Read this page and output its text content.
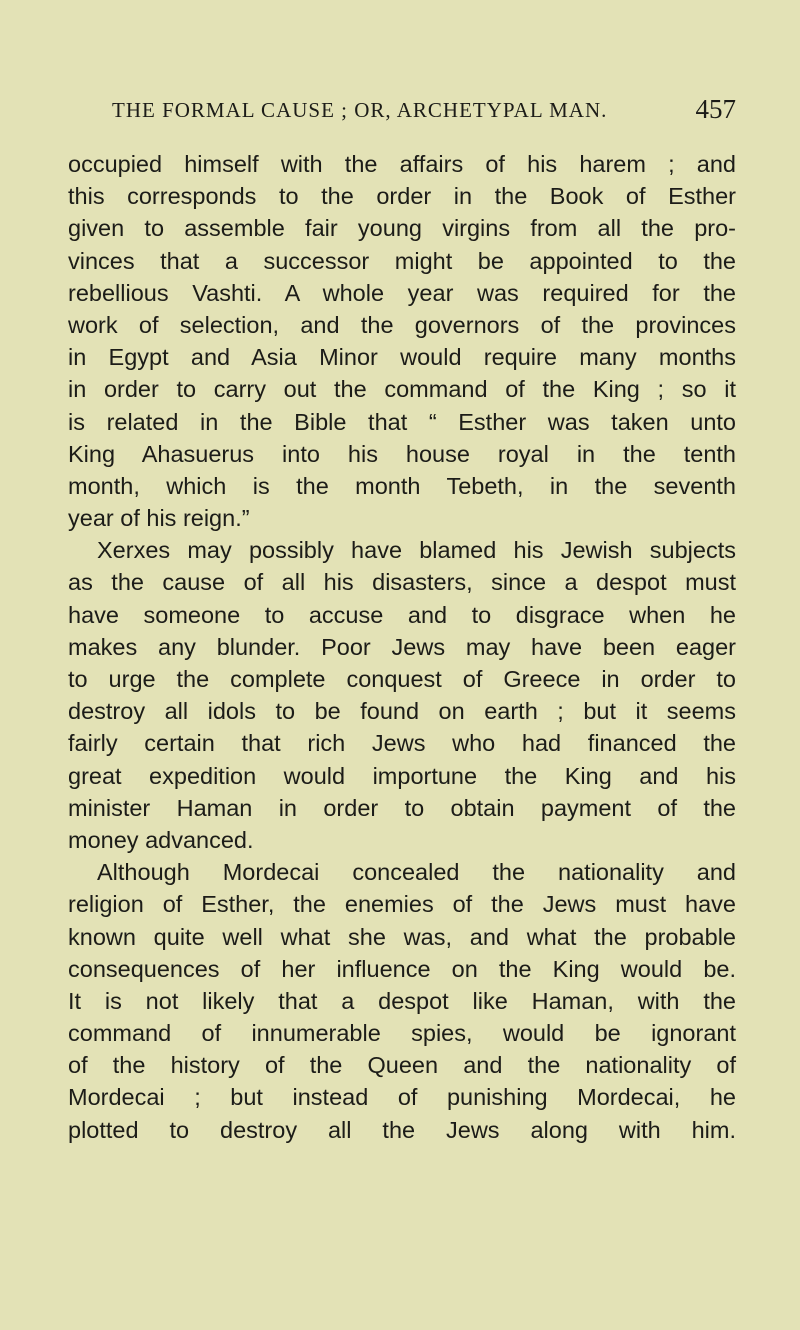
THE FORMAL CAUSE ; OR, ARCHETYPAL MAN.	457
occupied himself with the affairs of his harem ; and
this corresponds to the order in the Book of Esther
given to assemble fair young virgins from all the pro-
vinces that a successor might be appointed to the
rebellious Vashti. A whole year was required for the
work of selection, and the governors of the provinces
in Egypt and Asia Minor would require many months
in order to carry out the command of the King ; so it
is related in the Bible that “ Esther was taken unto
King Ahasuerus into his house royal in the tenth
month, which is the month Tebeth, in the seventh
year of his reign.”
Xerxes may possibly have blamed his Jewish subjects
as the cause of all his disasters, since a despot must
have someone to accuse and to disgrace when he
makes any blunder. Poor Jews may have been eager
to urge the complete conquest of Greece in order to
destroy all idols to be found on earth ; but it seems
fairly certain that rich Jews who had financed the
great expedition would importune the King and his
minister Haman in order to obtain payment of the
money advanced.
Although Mordecai concealed the nationality and
religion of Esther, the enemies of the Jews must have
known quite well what she was, and what the probable
consequences of her influence on the King would be.
It is not likely that a despot like Haman, with the
command of innumerable spies, would be ignorant
of the history of the Queen and the nationality of
Mordecai ; but instead of punishing Mordecai, he
plotted to destroy all the Jews along with him.
